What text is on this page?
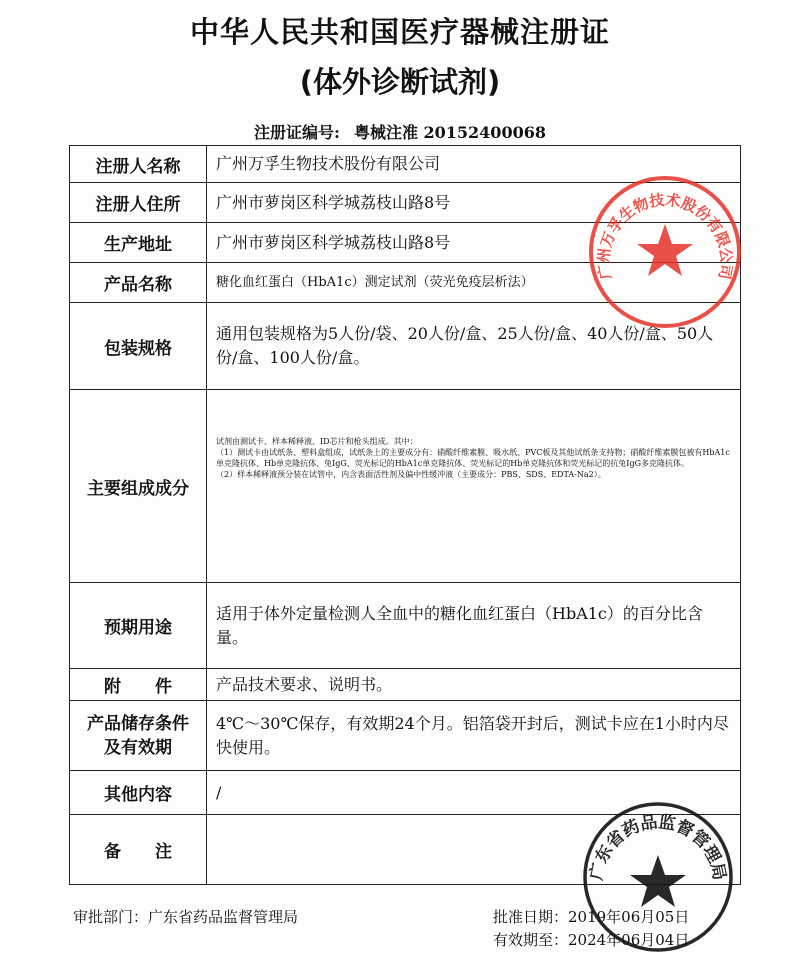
中华人民共和国医疗器械注册证
(体外诊断试剂)
注册证编号: 粤械注准 20152400068
注册人名称	广州万孚生物技术股份有限公司
注册人住所	广州市萝岗区科学城荔枝山路8号
生产地址	广州市萝岗区科学城荔枝山路8号
产品名称	糖化血红蛋白（HbA1c）测定试剂（荧光免疫层析法）
包装规格	通用包装规格为5人份/袋、20人份/盒、25人份/盒、40人份/盒、50人份/盒、100人份/盒。
主要组成成分	试剂由测试卡、样本稀释液、ID芯片和枪头组成。其中：
（1）测试卡由试纸条、塑料盒组成，试纸条上的主要成分有：硝酸纤维素膜、吸水纸、PVC板及其他试纸条支持物；硝酸纤维素膜包被有HbA1c单克隆抗体、Hb单克隆抗体、兔IgG、荧光标记的HbA1c单克隆抗体、荧光标记的Hb单克隆抗体和荧光标记的抗兔IgG多克隆抗体。
（2）样本稀释液预分装在试管中，内含表面活性剂及偏中性缓冲液（主要成分：PBS、SDS、EDTA-Na2）。
预期用途	适用于体外定量检测人全血中的糖化血红蛋白（HbA1c）的百分比含量。
附　　件	产品技术要求、说明书。
产品储存条件
及有效期	4℃～30℃保存，有效期24个月。铝箔袋开封后，测试卡应在1小时内尽快使用。
其他内容	/
备　　注	
审批部门：广东省药品监督管理局	批准日期：2019年06月05日
有效期至：2024年06月04日
广州万孚生物技术股份有限公司
广东省药品监督管理局
